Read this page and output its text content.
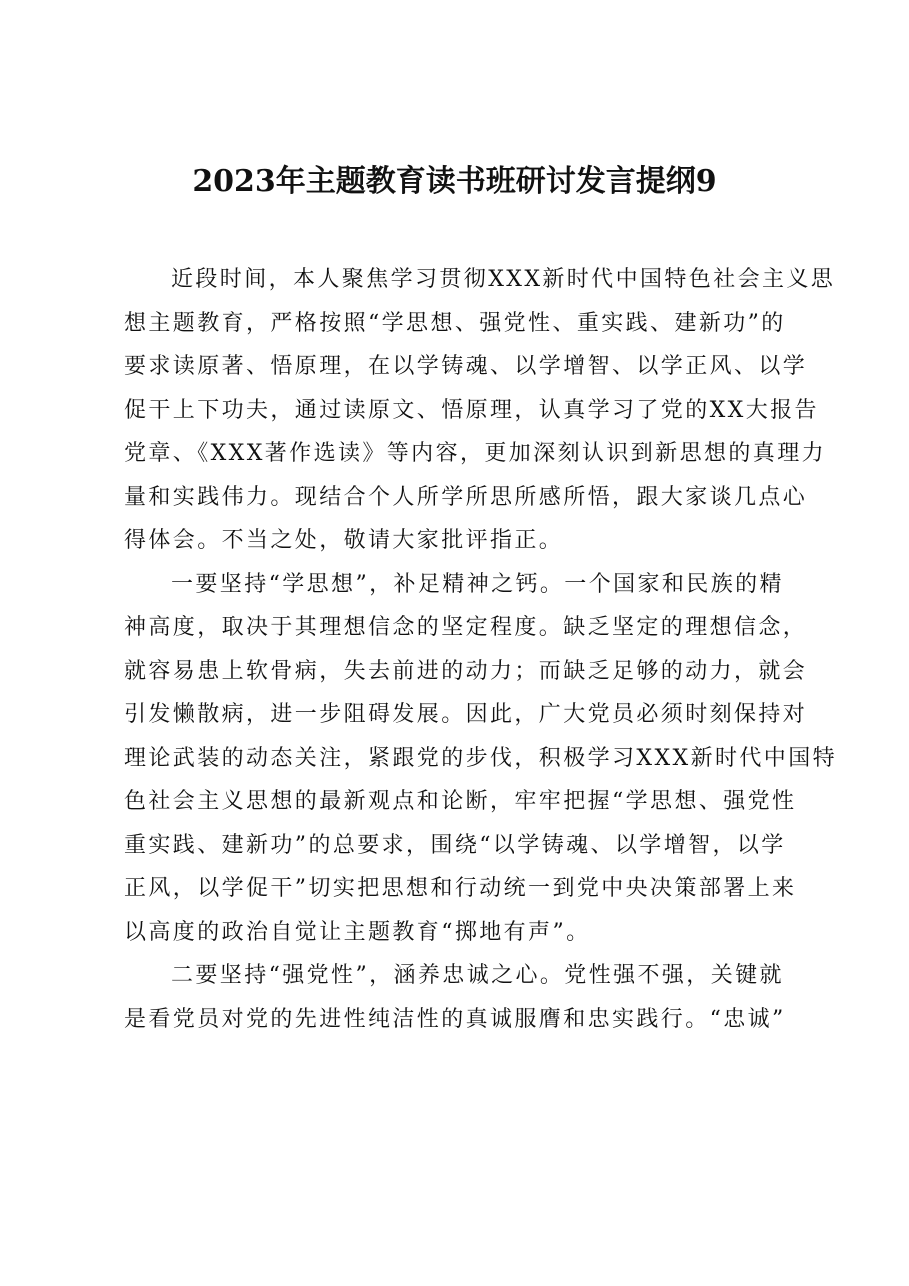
2023年主题教育读书班研讨发言提纲9
近段时间，本人聚焦学习贯彻XXX新时代中国特色社会主义思
想主题教育，严格按照“学思想、强党性、重实践、建新功”的
要求读原著、悟原理，在以学铸魂、以学增智、以学正风、以学
促干上下功夫，通过读原文、悟原理，认真学习了党的XX大报告
党章、《XXX著作选读》等内容，更加深刻认识到新思想的真理力
量和实践伟力。现结合个人所学所思所感所悟，跟大家谈几点心
得体会。不当之处，敬请大家批评指正。
一要坚持“学思想”，补足精神之钙。一个国家和民族的精
神高度，取决于其理想信念的坚定程度。缺乏坚定的理想信念，
就容易患上软骨病，失去前进的动力；而缺乏足够的动力，就会
引发懒散病，进一步阻碍发展。因此，广大党员必须时刻保持对
理论武装的动态关注，紧跟党的步伐，积极学习XXX新时代中国特
色社会主义思想的最新观点和论断，牢牢把握“学思想、强党性
重实践、建新功”的总要求，围绕“以学铸魂、以学增智，以学
正风，以学促干”切实把思想和行动统一到党中央决策部署上来
以高度的政治自觉让主题教育“掷地有声”。
二要坚持“强党性”，涵养忠诚之心。党性强不强，关键就
是看党员对党的先进性纯洁性的真诚服膺和忠实践行。“忠诚”
